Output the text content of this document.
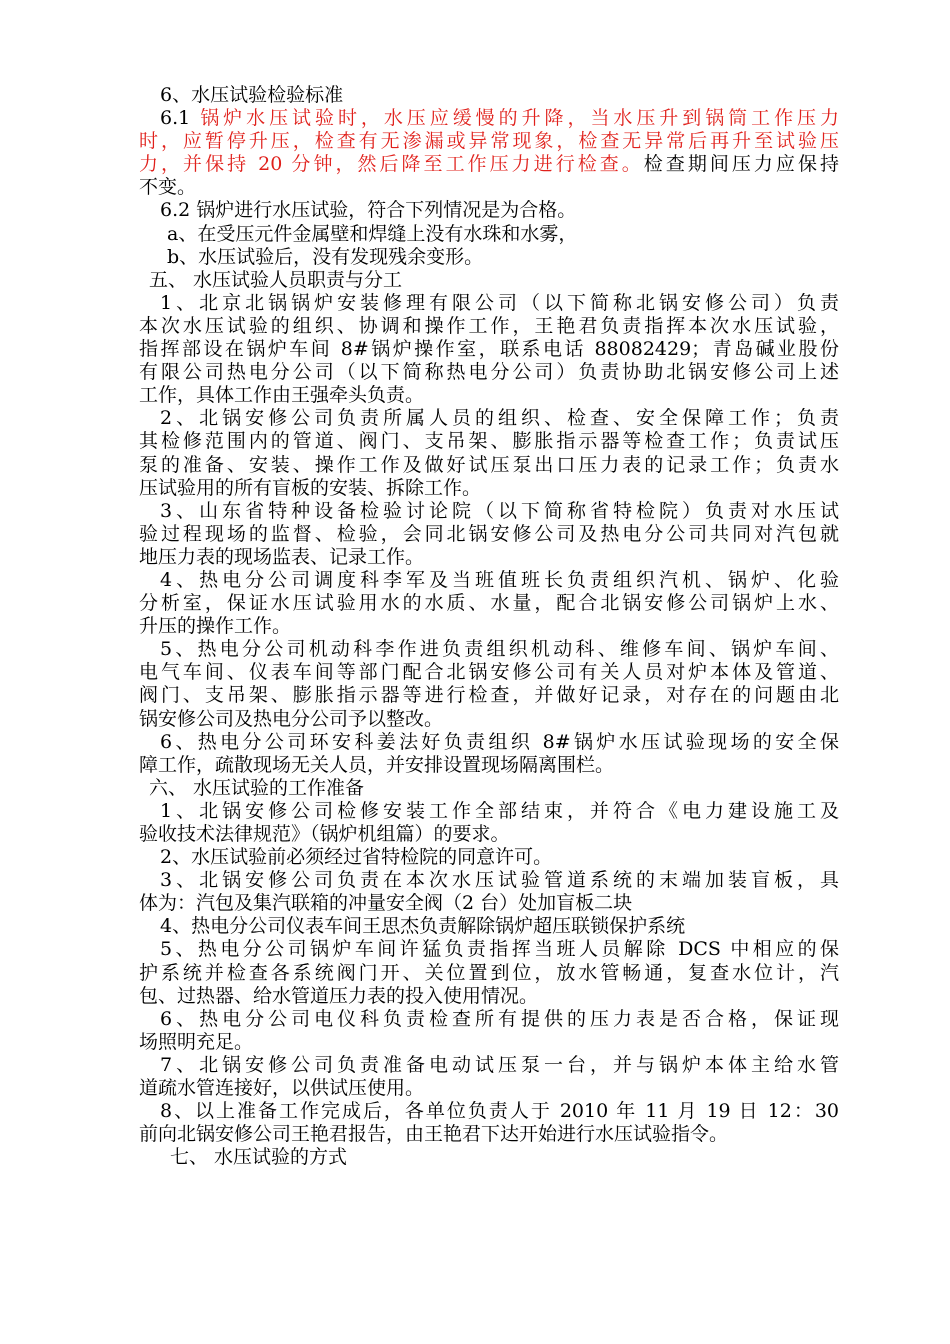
6、水压试验检验标准
6.1 锅炉水压试验时，水压应缓慢的升降，当水压升到锅筒工作压力
时，应暂停升压，检查有无渗漏或异常现象，检查无异常后再升至试验压
力，并保持 20 分钟，然后降至工作压力进行检查。检查期间压力应保持
不变。
6.2 锅炉进行水压试验，符合下列情况是为合格。
a、在受压元件金属壁和焊缝上没有水珠和水雾，
b、水压试验后，没有发现残余变形。
五、 水压试验人员职责与分工
1、北京北锅锅炉安装修理有限公司（以下简称北锅安修公司）负责
本次水压试验的组织、协调和操作工作，王艳君负责指挥本次水压试验，
指挥部设在锅炉车间 8#锅炉操作室，联系电话 88082429；青岛碱业股份
有限公司热电分公司（以下简称热电分公司）负责协助北锅安修公司上述
工作，具体工作由王强牵头负责。
2、北锅安修公司负责所属人员的组织、检查、安全保障工作；负责
其检修范围内的管道、阀门、支吊架、膨胀指示器等检查工作；负责试压
泵的准备、安装、操作工作及做好试压泵出口压力表的记录工作；负责水
压试验用的所有盲板的安装、拆除工作。
3、山东省特种设备检验讨论院（以下简称省特检院）负责对水压试
验过程现场的监督、检验，会同北锅安修公司及热电分公司共同对汽包就
地压力表的现场监表、记录工作。
4、热电分公司调度科李军及当班值班长负责组织汽机、锅炉、化验
分析室，保证水压试验用水的水质、水量，配合北锅安修公司锅炉上水、
升压的操作工作。
5、热电分公司机动科李作进负责组织机动科、维修车间、锅炉车间、
电气车间、仪表车间等部门配合北锅安修公司有关人员对炉本体及管道、
阀门、支吊架、膨胀指示器等进行检查，并做好记录，对存在的问题由北
锅安修公司及热电分公司予以整改。
6、热电分公司环安科姜法好负责组织 8#锅炉水压试验现场的安全保
障工作，疏散现场无关人员，并安排设置现场隔离围栏。
六、 水压试验的工作准备
1、北锅安修公司检修安装工作全部结束，并符合《电力建设施工及
验收技术法律规范》（锅炉机组篇）的要求。
2、水压试验前必须经过省特检院的同意许可。
3、北锅安修公司负责在本次水压试验管道系统的末端加装盲板，具
体为：汽包及集汽联箱的冲量安全阀（2 台）处加盲板二块
4、热电分公司仪表车间王思杰负责解除锅炉超压联锁保护系统
5、热电分公司锅炉车间许猛负责指挥当班人员解除 DCS 中相应的保
护系统并检查各系统阀门开、关位置到位，放水管畅通，复查水位计，汽
包、过热器、给水管道压力表的投入使用情况。
6、热电分公司电仪科负责检查所有提供的压力表是否合格，保证现
场照明充足。
7、北锅安修公司负责准备电动试压泵一台，并与锅炉本体主给水管
道疏水管连接好，以供试压使用。
8、以上准备工作完成后，各单位负责人于 2010 年 11 月 19 日 12：30
前向北锅安修公司王艳君报告，由王艳君下达开始进行水压试验指令。
七、 水压试验的方式
